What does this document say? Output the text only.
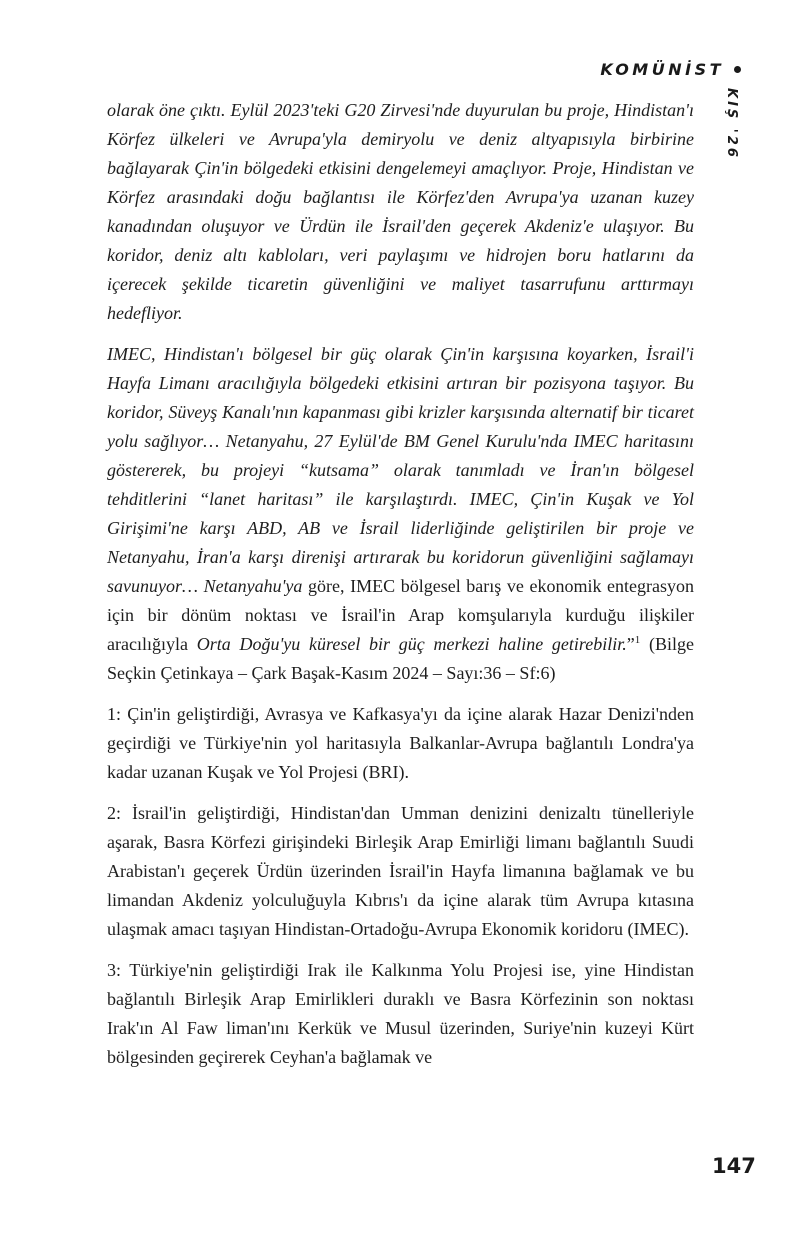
KOMÜNİST
KIŞ '26

olarak öne çıktı. Eylül 2023'teki G20 Zirvesi'nde duyurulan bu proje, Hindistan'ı Körfez ülkeleri ve Avrupa'yla demiryolu ve deniz altyapısıyla birbirine bağlayarak Çin'in bölgedeki etkisini dengelemeyi amaçlıyor. Proje, Hindistan ve Körfez arasındaki doğu bağlantısı ile Körfez'den Avrupa'ya uzanan kuzey kanadından oluşuyor ve Ürdün ile İsrail'den geçerek Akdeniz'e ulaşıyor. Bu koridor, deniz altı kabloları, veri paylaşımı ve hidrojen boru hatlarını da içerecek şekilde ticaretin güvenliğini ve maliyet tasarrufunu arttırmayı hedefliyor.

IMEC, Hindistan'ı bölgesel bir güç olarak Çin'in karşısına koyarken, İsrail'i Hayfa Limanı aracılığıyla bölgedeki etkisini artıran bir pozisyona taşıyor. Bu koridor, Süveyş Kanalı'nın kapanması gibi krizler karşısında alternatif bir ticaret yolu sağlıyor… Netanyahu, 27 Eylül'de BM Genel Kurulu'nda IMEC haritasını göstererek, bu projeyi “kutsama” olarak tanımladı ve İran'ın bölgesel tehditlerini “lanet haritası” ile karşılaştırdı. IMEC, Çin'in Kuşak ve Yol Girişimi'ne karşı ABD, AB ve İsrail liderliğinde geliştirilen bir proje ve Netanyahu, İran'a karşı direnişi artırarak bu koridorun güvenliğini sağlamayı savunuyor… Netanyahu'ya göre, IMEC bölgesel barış ve ekonomik entegrasyon için bir dönüm noktası ve İsrail'in Arap komşularıyla kurduğu ilişkiler aracılığıyla Orta Doğu'yu küresel bir güç merkezi haline getirebilir.”$^1$ (Bilge Seçkin Çetinkaya – Çark Başak-Kasım 2024 – Sayı:36 – Sf:6)

1: Çin'in geliştirdiği, Avrasya ve Kafkasya'yı da içine alarak Hazar Denizi'nden geçirdiği ve Türkiye'nin yol haritasıyla Balkanlar-Avrupa bağlantılı Londra'ya kadar uzanan Kuşak ve Yol Projesi (BRI).

2: İsrail'in geliştirdiği, Hindistan'dan Umman denizini denizaltı tünelleriyle aşarak, Basra Körfezi girişindeki Birleşik Arap Emirliği limanı bağlantılı Suudi Arabistan'ı geçerek Ürdün üzerinden İsrail'in Hayfa limanına bağlamak ve bu limandan Akdeniz yolculuğuyla Kıbrıs'ı da içine alarak tüm Avrupa kıtasına ulaşmak amacı taşıyan Hindistan-Ortadoğu-Avrupa Ekonomik koridoru (IMEC).

3: Türkiye'nin geliştirdiği Irak ile Kalkınma Yolu Projesi ise, yine Hindistan bağlantılı Birleşik Arap Emirlikleri duraklı ve Basra Körfezinin son noktası Irak'ın Al Faw liman'ını Kerkük ve Musul üzerinden, Suriye'nin kuzeyi Kürt bölgesinden geçirerek Ceyhan'a bağlamak ve

147
